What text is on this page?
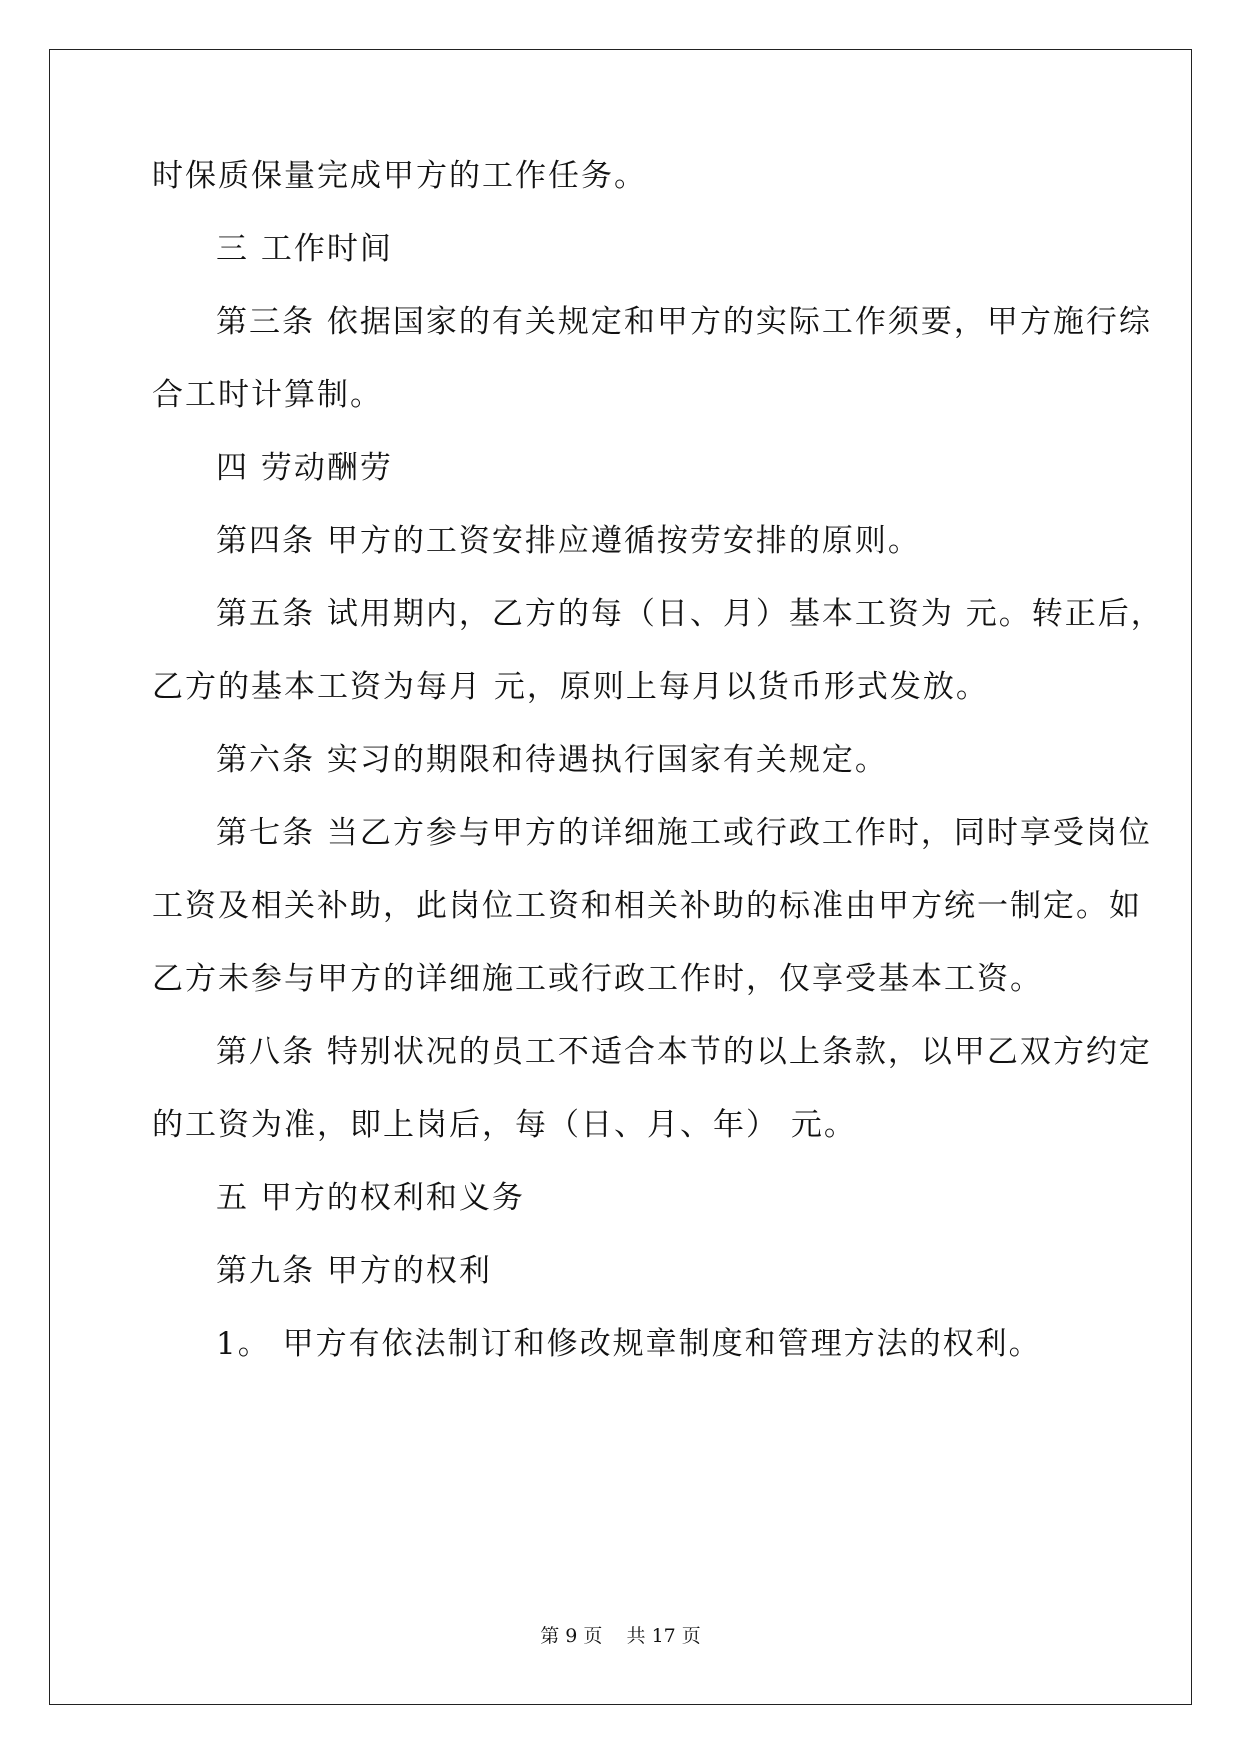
时保质保量完成甲方的工作任务。
三 工作时间
第三条 依据国家的有关规定和甲方的实际工作须要，甲方施行综
合工时计算制。
四 劳动酬劳
第四条 甲方的工资安排应遵循按劳安排的原则。
第五条 试用期内，乙方的每（日、月）基本工资为 元。转正后，
乙方的基本工资为每月 元，原则上每月以货币形式发放。
第六条 实习的期限和待遇执行国家有关规定。
第七条 当乙方参与甲方的详细施工或行政工作时，同时享受岗位
工资及相关补助，此岗位工资和相关补助的标准由甲方统一制定。如
乙方未参与甲方的详细施工或行政工作时，仅享受基本工资。
第八条 特别状况的员工不适合本节的以上条款，以甲乙双方约定
的工资为准，即上岗后，每（日、月、年） 元。
五 甲方的权利和义务
第九条 甲方的权利
1。 甲方有依法制订和修改规章制度和管理方法的权利。
第 9 页    共 17 页
